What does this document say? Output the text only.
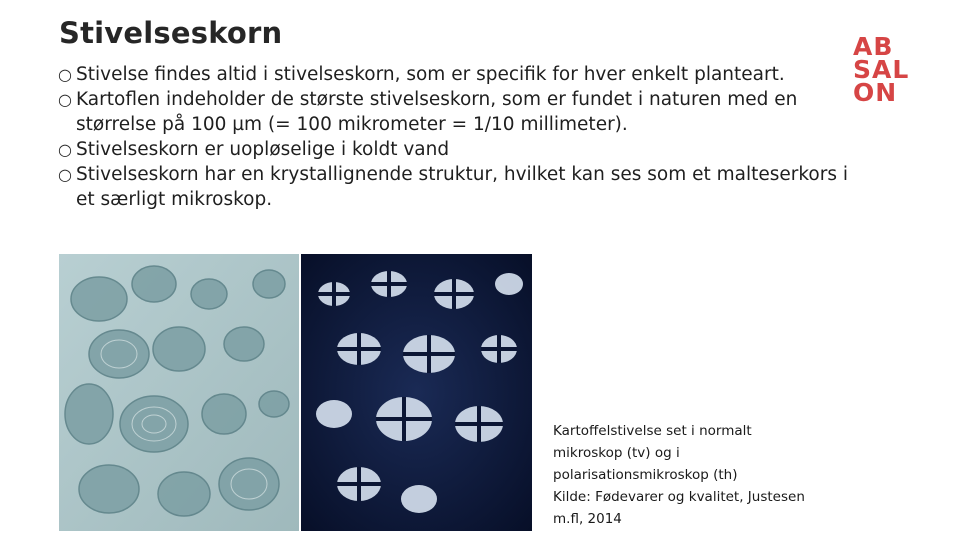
Stivelseskorn
○ Stivelse findes altid i stivelseskorn, som er specifik for hver enkelt planteart.
○ Kartoflen indeholder de største stivelseskorn, som er fundet i naturen med en størrelse på 100 µm (= 100 mikrometer = 1/10 millimeter).
○ Stivelseskorn er uopløselige i koldt vand
○ Stivelseskorn har en krystallignende struktur, hvilket kan ses som et malteserkors i et særligt mikroskop.
AB
SAL
ON
Kartoffelstivelse set i normalt
mikroskop (tv) og i
polarisationsmikroskop (th)
Kilde: Fødevarer og kvalitet, Justesen
m.fl, 2014
